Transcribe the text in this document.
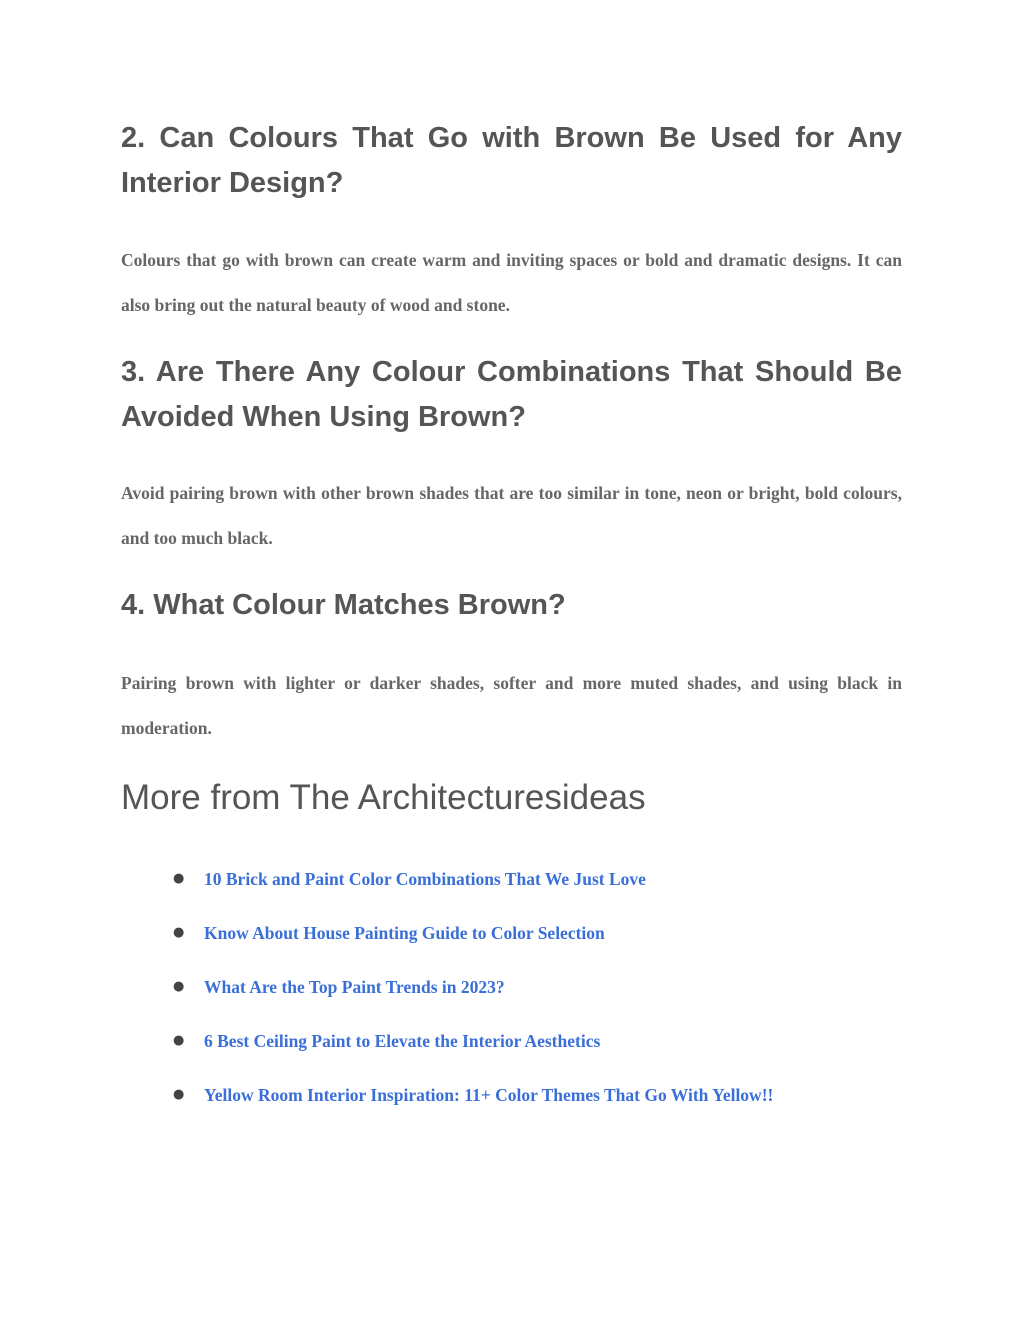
2. Can Colours That Go with Brown Be Used for Any Interior Design?

Colours that go with brown can create warm and inviting spaces or bold and dramatic designs. It can also bring out the natural beauty of wood and stone.

3. Are There Any Colour Combinations That Should Be Avoided When Using Brown?

Avoid pairing brown with other brown shades that are too similar in tone, neon or bright, bold colours, and too much black.

4. What Colour Matches Brown?

Pairing brown with lighter or darker shades, softer and more muted shades, and using black in moderation.

More from The Architecturesideas
● 10 Brick and Paint Color Combinations That We Just Love
● Know About House Painting Guide to Color Selection
● What Are the Top Paint Trends in 2023?
● 6 Best Ceiling Paint to Elevate the Interior Aesthetics
● Yellow Room Interior Inspiration: 11+ Color Themes That Go With Yellow!!
